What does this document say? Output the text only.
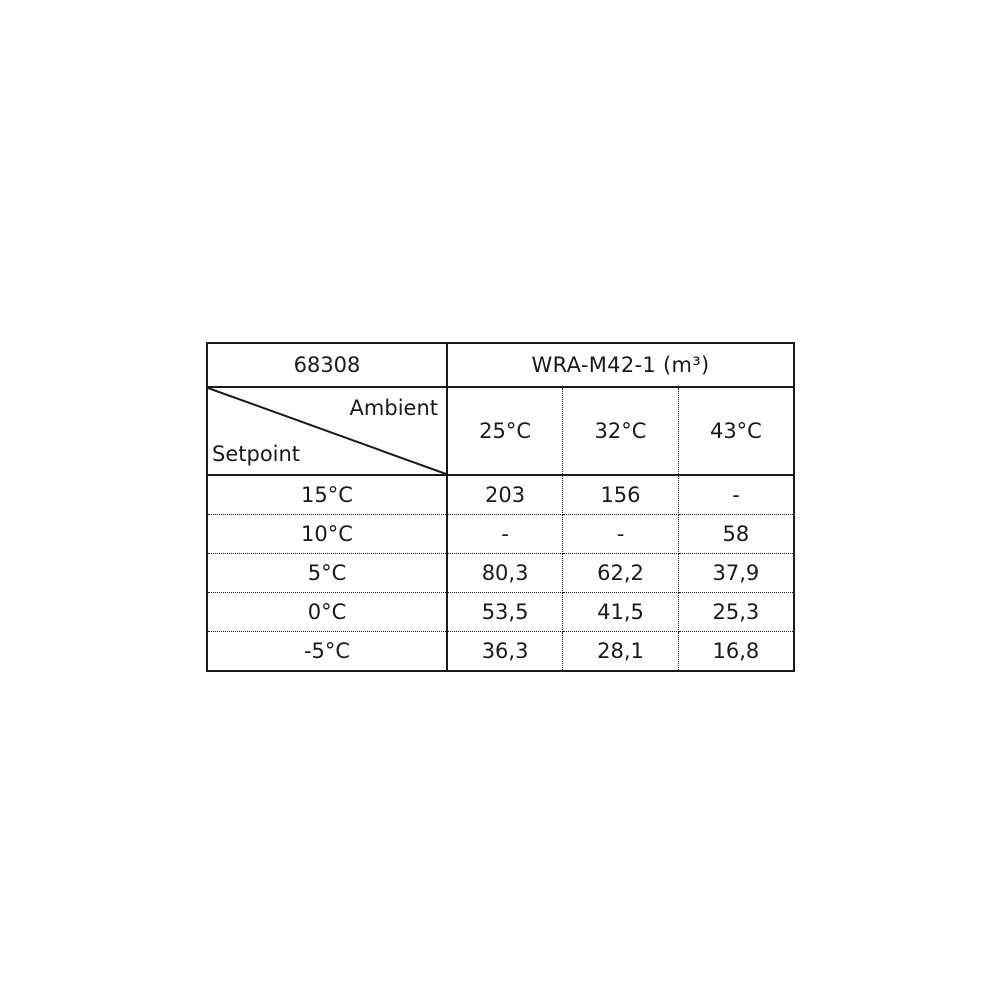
68308	WRA-M42-1 (m³)		

Ambient
Setpoint	25°C	32°C	43°C
15°C	203	156	-
10°C	-	-	58
5°C	80,3	62,2	37,9
0°C	53,5	41,5	25,3
-5°C	36,3	28,1	16,8
